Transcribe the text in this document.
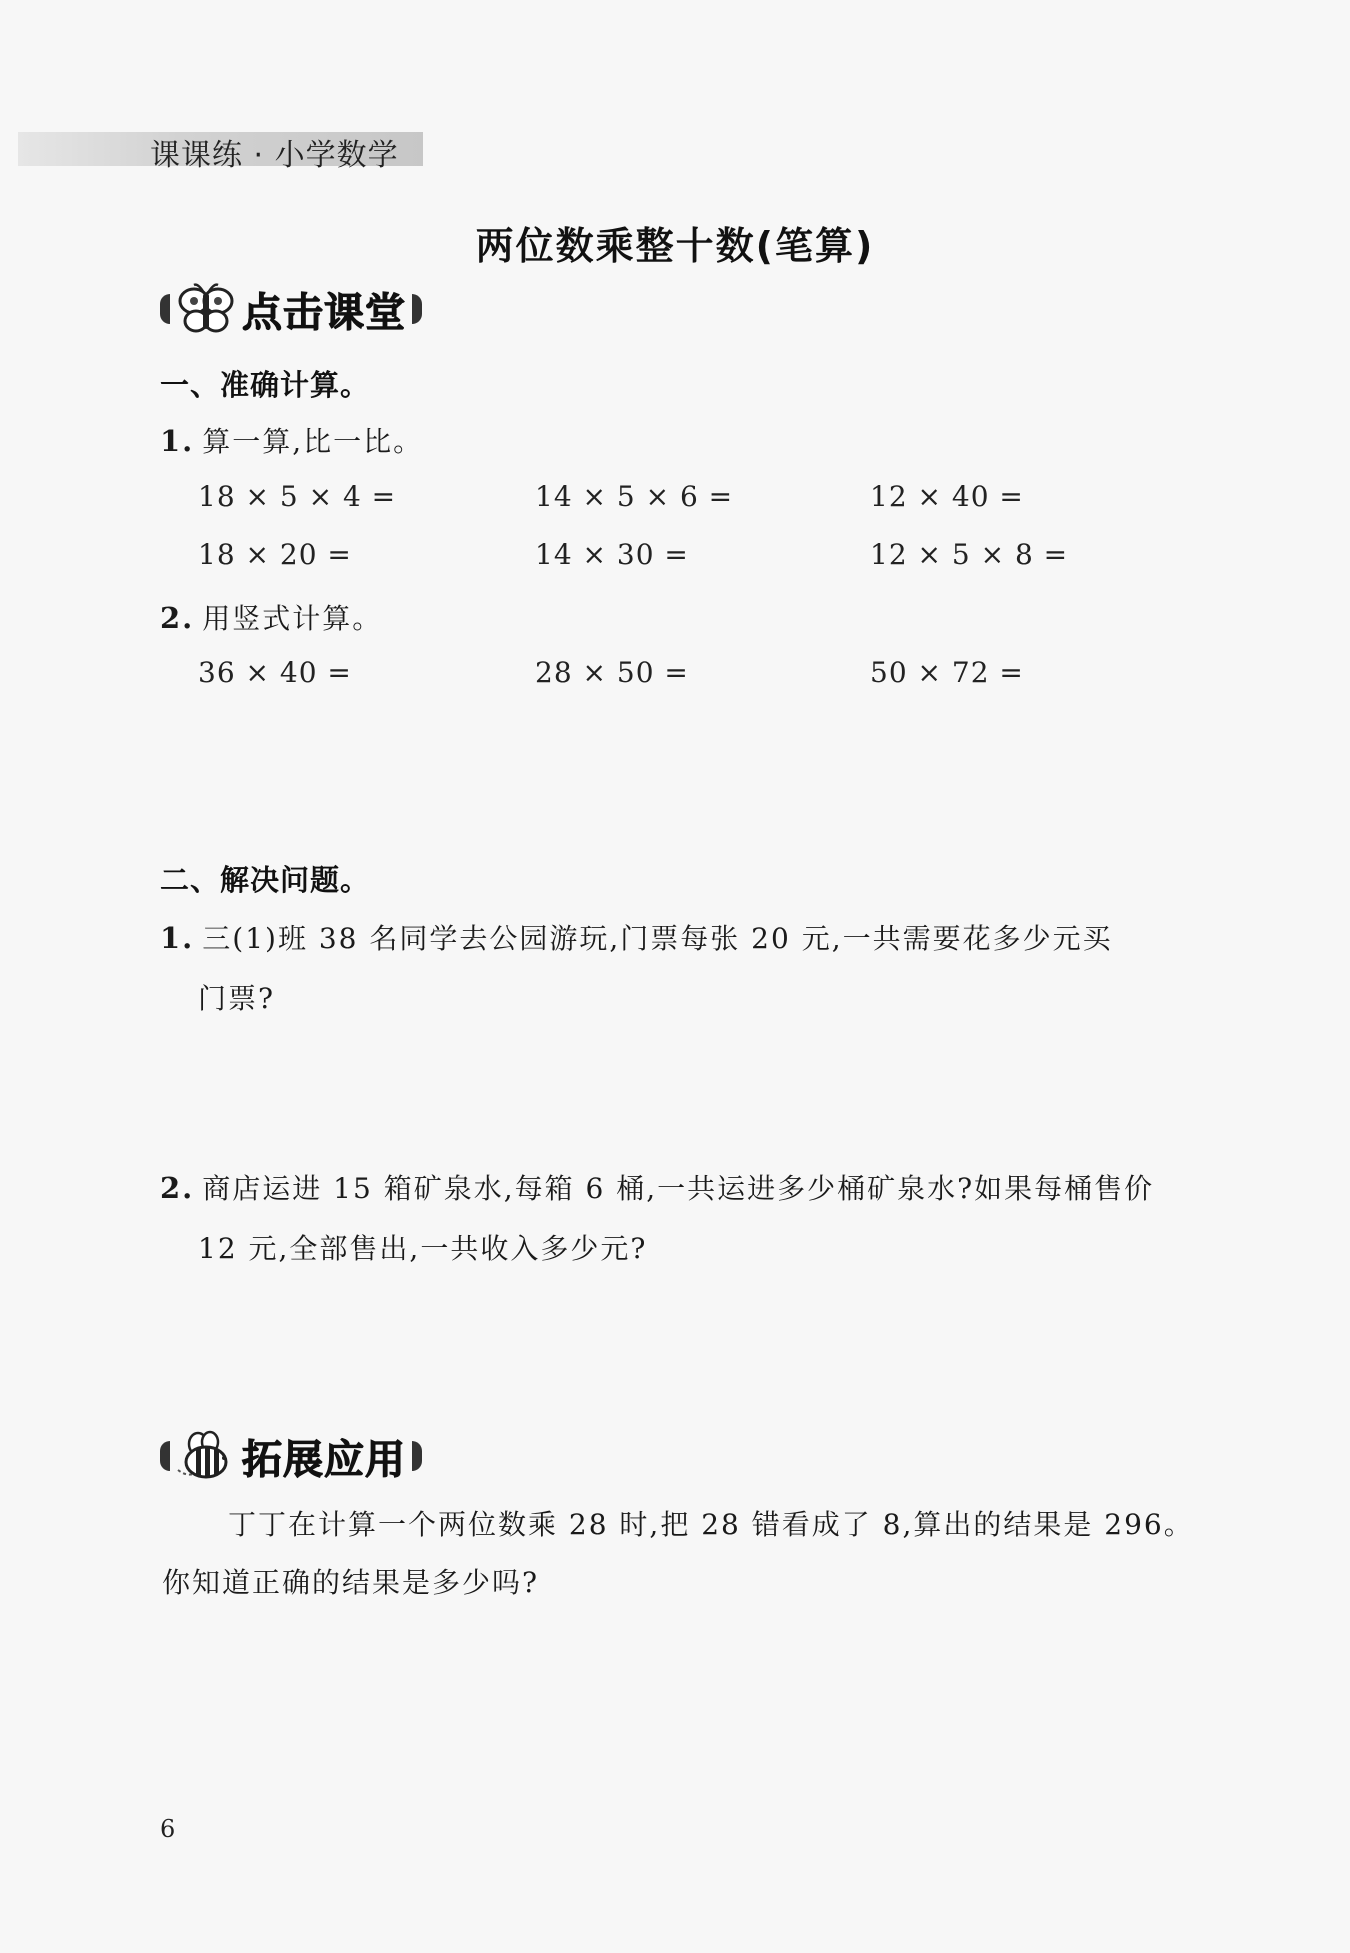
课课练 · 小学数学
两位数乘整十数(笔算)
点击课堂
一、准确计算。
1. 算一算,比一比。
18 × 5 × 4 =	14 × 5 × 6 =	12 × 40 =
18 × 20 =	14 × 30 =	12 × 5 × 8 =
2. 用竖式计算。
36 × 40 =	28 × 50 =	50 × 72 =
二、解决问题。
1. 三(1)班 38 名同学去公园游玩,门票每张 20 元,一共需要花多少元买
门票?
2. 商店运进 15 箱矿泉水,每箱 6 桶,一共运进多少桶矿泉水?如果每桶售价
12 元,全部售出,一共收入多少元?
拓展应用
丁丁在计算一个两位数乘 28 时,把 28 错看成了 8,算出的结果是 296。
你知道正确的结果是多少吗?
6
